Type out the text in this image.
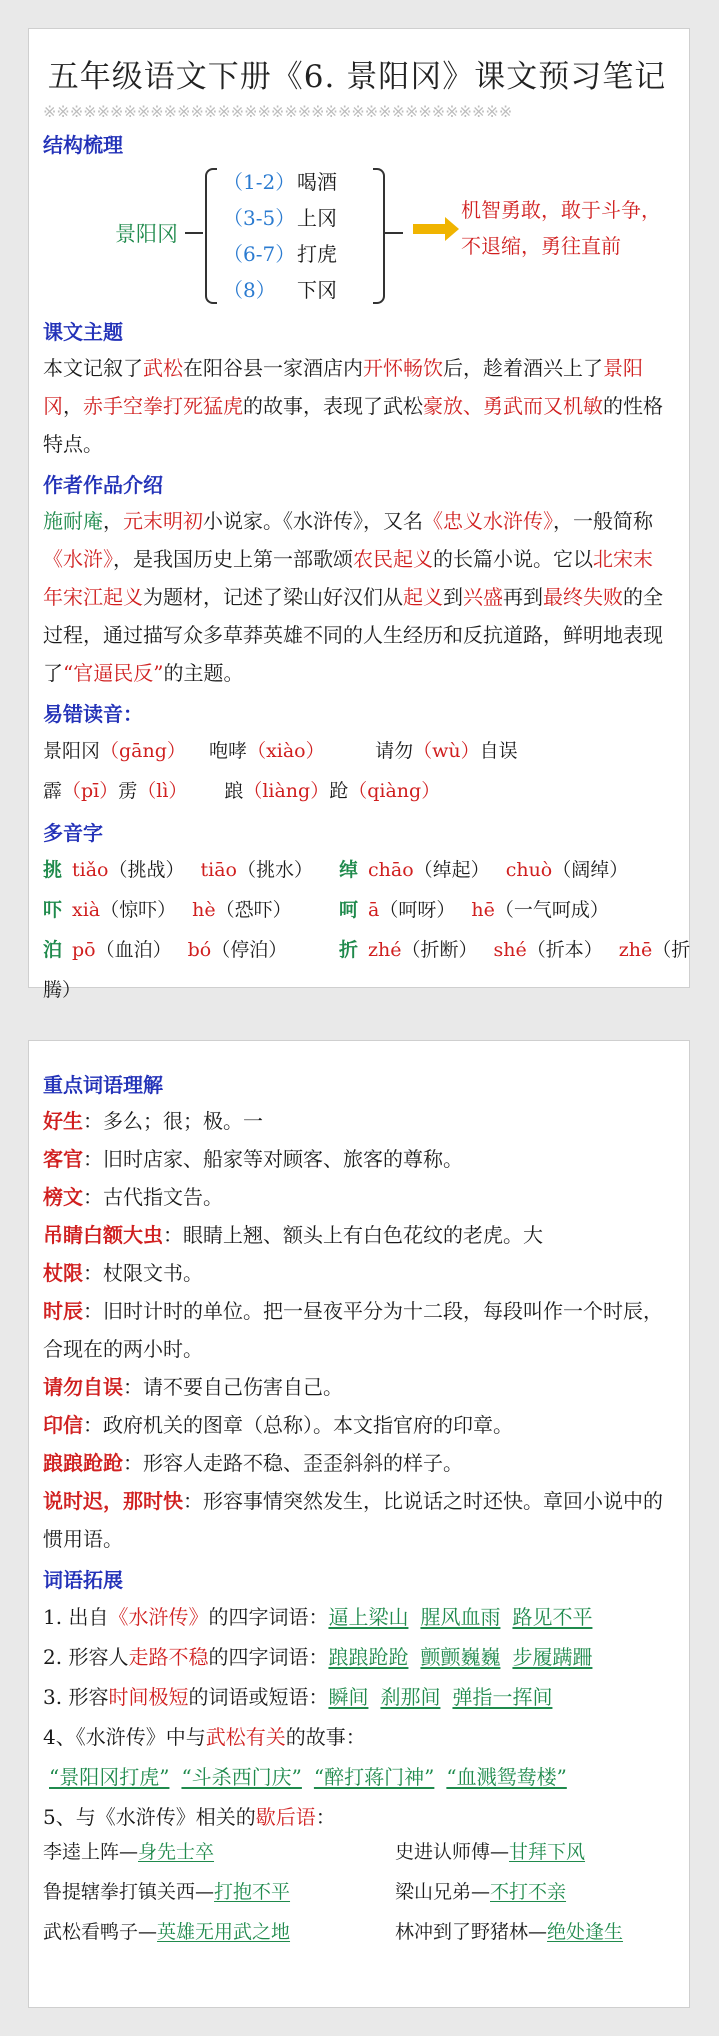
五年级语文下册《6. 景阳冈》课文预习笔记
※※※※※※※※※※※※※※※※※※※※※※※※※※※※※※※※※※※
结构梳理
景阳冈
（1-2）喝酒
（3-5）上冈
（6-7）打虎
（8） 下冈
机智勇敢，敢于斗争，
不退缩，勇往直前
课文主题
本文记叙了武松在阳谷县一家酒店内开怀畅饮后，趁着酒兴上了景阳冈，赤手空拳打死猛虎的故事，表现了武松豪放、勇武而又机敏的性格特点。
作者作品介绍
施耐庵，元末明初小说家。《水浒传》，又名《忠义水浒传》，一般简称《水浒》，是我国历史上第一部歌颂农民起义的长篇小说。它以北宋末年宋江起义为题材，记述了梁山好汉们从起义到兴盛再到最终失败的全过程，通过描写众多草莽英雄不同的人生经历和反抗道路，鲜明地表现了“官逼民反”的主题。
易错读音：
景阳冈（gāng） 咆哮（xiào）	请勿（wù）自误
霹（pī）雳（lì） 踉（liàng）跄（qiàng）
多音字
挑 tiǎo（挑战） tiāo（挑水） 绰 chāo（绰起） chuò（阔绰）
吓 xià（惊吓） hè（恐吓） 呵 ā（呵呀） hē（一气呵成）
泊 pō（血泊） bó（停泊）	折 zhé（折断） shé（折本） zhē（折
腾）
重点词语理解
好生：多么；很；极。一
客官：旧时店家、船家等对顾客、旅客的尊称。
榜文：古代指文告。
吊睛白额大虫：眼睛上翘、额头上有白色花纹的老虎。大
杖限：杖限文书。
时辰：旧时计时的单位。把一昼夜平分为十二段，每段叫作一个时辰，合现在的两小时。
请勿自误：请不要自己伤害自己。
印信：政府机关的图章（总称）。本文指官府的印章。
踉踉跄跄：形容人走路不稳、歪歪斜斜的样子。
说时迟，那时快：形容事情突然发生，比说话之时还快。章回小说中的惯用语。
词语拓展
1. 出自《水浒传》的四字词语：逼上梁山 腥风血雨 路见不平
2. 形容人走路不稳的四字词语：踉踉跄跄 颤颤巍巍 步履蹒跚
3. 形容时间极短的词语或短语：瞬间 刹那间 弹指一挥间
4、《水浒传》中与武松有关的故事：
“景阳冈打虎” “斗杀西门庆” “醉打蒋门神” “血溅鸳鸯楼”
5、与《水浒传》相关的歇后语：
李逵上阵—身先士卒	史进认师傅—甘拜下风
鲁提辖拳打镇关西—打抱不平	梁山兄弟—不打不亲
武松看鸭子—英雄无用武之地	林冲到了野猪林—绝处逢生
